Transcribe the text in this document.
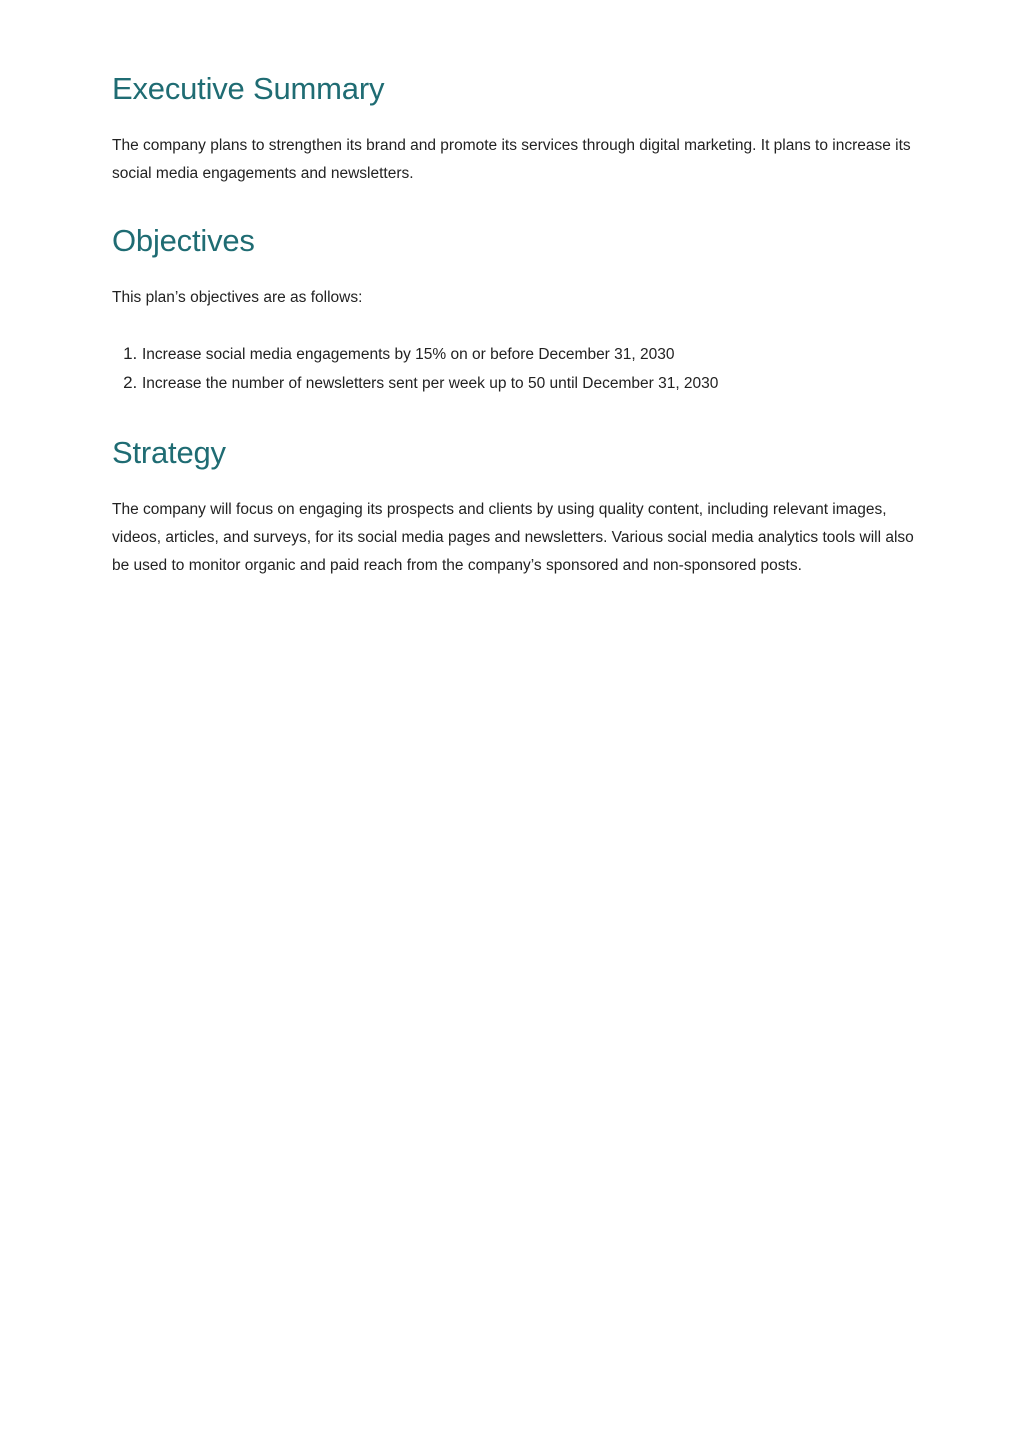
Executive Summary

The company plans to strengthen its brand and promote its services through digital marketing. It plans to increase its social media engagements and newsletters.

Objectives

This plan’s objectives are as follows:

1. Increase social media engagements by 15% on or before December 31, 2030
2. Increase the number of newsletters sent per week up to 50 until December 31, 2030
Strategy

The company will focus on engaging its prospects and clients by using quality content, including relevant images, videos, articles, and surveys, for its social media pages and newsletters. Various social media analytics tools will also be used to monitor organic and paid reach from the company’s sponsored and non-sponsored posts.
